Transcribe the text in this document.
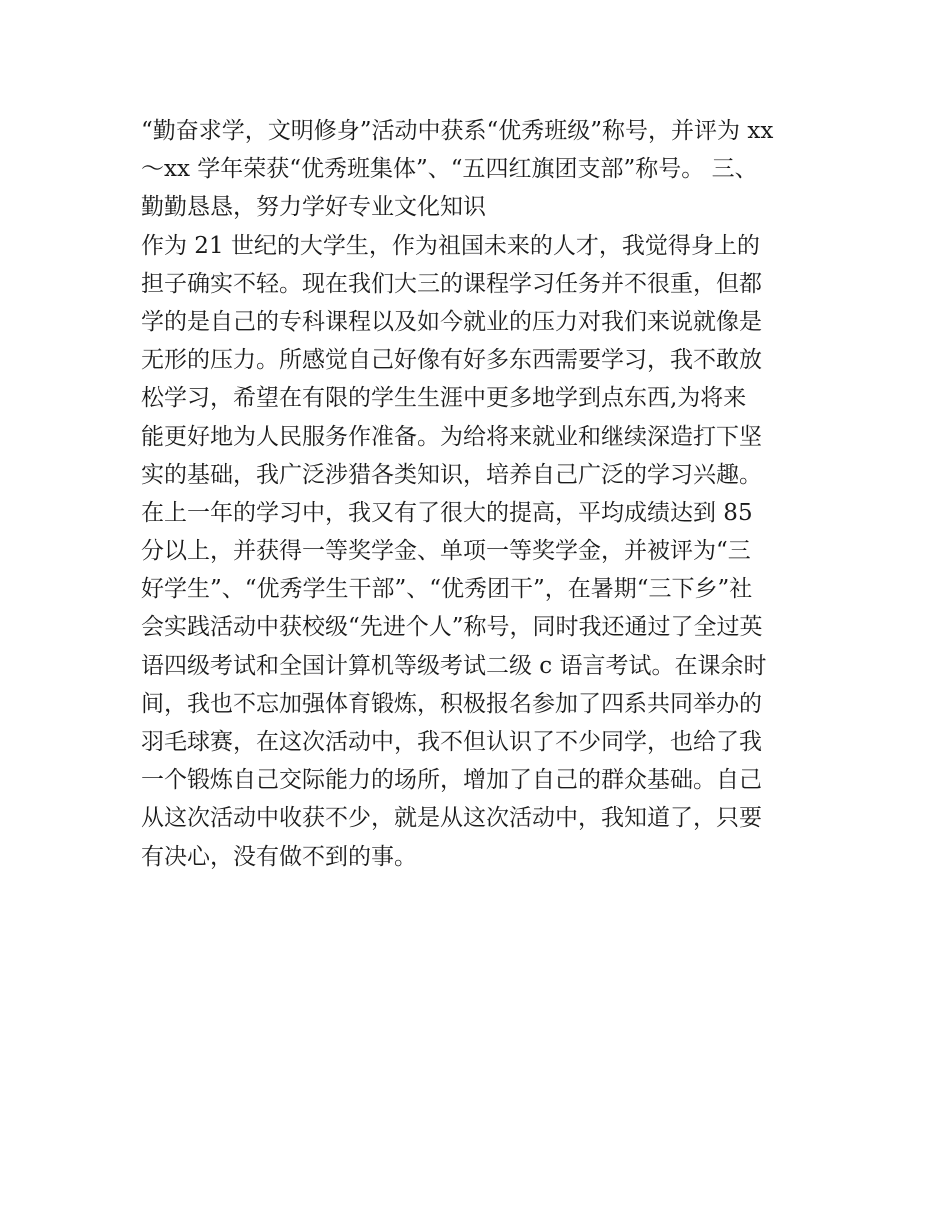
“勤奋求学，文明修身”活动中获系“优秀班级”称号，并评为 xx
～xx 学年荣获“优秀班集体”、“五四红旗团支部”称号。 三、
勤勤恳恳，努力学好专业文化知识
作为 21 世纪的大学生，作为祖国未来的人才，我觉得身上的
担子确实不轻。现在我们大三的课程学习任务并不很重，但都
学的是自己的专科课程以及如今就业的压力对我们来说就像是
无形的压力。所感觉自己好像有好多东西需要学习，我不敢放
松学习，希望在有限的学生生涯中更多地学到点东西,为将来
能更好地为人民服务作准备。为给将来就业和继续深造打下坚
实的基础，我广泛涉猎各类知识，培养自己广泛的学习兴趣。
在上一年的学习中，我又有了很大的提高，平均成绩达到 85
分以上，并获得一等奖学金、单项一等奖学金，并被评为“三
好学生”、“优秀学生干部”、“优秀团干”，在暑期“三下乡”社
会实践活动中获校级“先进个人”称号，同时我还通过了全过英
语四级考试和全国计算机等级考试二级 c 语言考试。在课余时
间，我也不忘加强体育锻炼，积极报名参加了四系共同举办的
羽毛球赛，在这次活动中，我不但认识了不少同学，也给了我
一个锻炼自己交际能力的场所，增加了自己的群众基础。自己
从这次活动中收获不少，就是从这次活动中，我知道了，只要
有决心，没有做不到的事。
